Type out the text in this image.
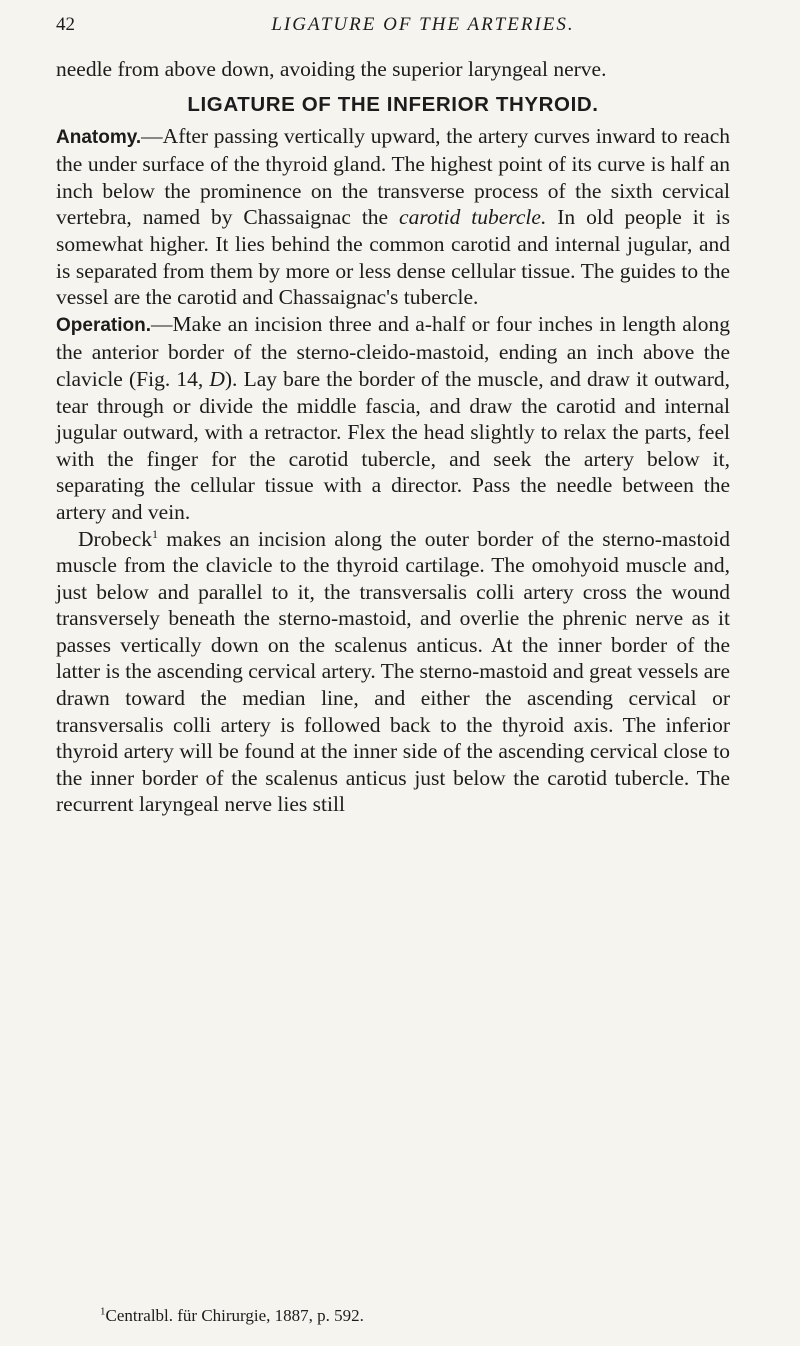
42	LIGATURE OF THE ARTERIES.

needle from above down, avoiding the superior laryngeal nerve.

LIGATURE OF THE INFERIOR THYROID.

Anatomy.—After passing vertically upward, the artery curves inward to reach the under surface of the thyroid gland. The highest point of its curve is half an inch below the prominence on the transverse process of the sixth cervical vertebra, named by Chassaignac the carotid tubercle. In old people it is somewhat higher. It lies behind the common carotid and internal jugular, and is separated from them by more or less dense cellular tissue. The guides to the vessel are the carotid and Chassaignac's tubercle.

Operation.—Make an incision three and a-half or four inches in length along the anterior border of the sterno-cleido-mastoid, ending an inch above the clavicle (Fig. 14, D). Lay bare the border of the muscle, and draw it outward, tear through or divide the middle fascia, and draw the carotid and internal jugular outward, with a retractor. Flex the head slightly to relax the parts, feel with the finger for the carotid tubercle, and seek the artery below it, separating the cellular tissue with a director. Pass the needle between the artery and vein.

Drobeck$^1$ makes an incision along the outer border of the sterno-mastoid muscle from the clavicle to the thyroid cartilage. The omohyoid muscle and, just below and parallel to it, the transversalis colli artery cross the wound transversely beneath the sterno-mastoid, and overlie the phrenic nerve as it passes vertically down on the scalenus anticus. At the inner border of the latter is the ascending cervical artery. The sterno-mastoid and great vessels are drawn toward the median line, and either the ascending cervical or transversalis colli artery is followed back to the thyroid axis. The inferior thyroid artery will be found at the inner side of the ascending cervical close to the inner border of the scalenus anticus just below the carotid tubercle. The recurrent laryngeal nerve lies still

$^1$Centralbl. für Chirurgie, 1887, p. 592.
